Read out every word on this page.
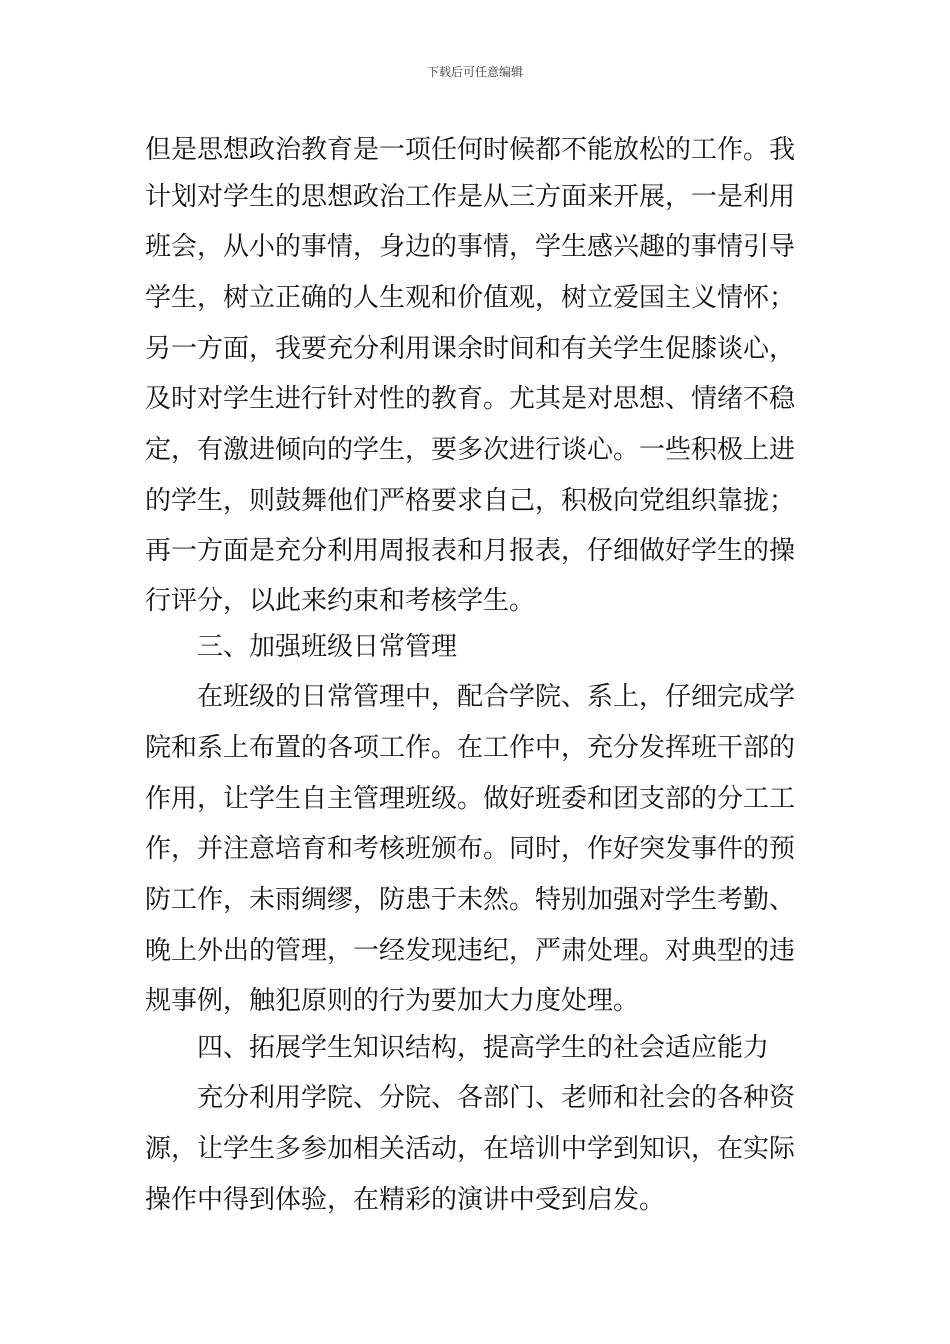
下载后可任意编辑
但是思想政治教育是一项任何时候都不能放松的工作。我
计划对学生的思想政治工作是从三方面来开展，一是利用
班会，从小的事情，身边的事情，学生感兴趣的事情引导
学生，树立正确的人生观和价值观，树立爱国主义情怀；
另一方面，我要充分利用课余时间和有关学生促膝谈心，
及时对学生进行针对性的教育。尤其是对思想、情绪不稳
定，有激进倾向的学生，要多次进行谈心。一些积极上进
的学生，则鼓舞他们严格要求自己，积极向党组织靠拢；
再一方面是充分利用周报表和月报表，仔细做好学生的操
行评分，以此来约束和考核学生。
三、加强班级日常管理
在班级的日常管理中，配合学院、系上，仔细完成学
院和系上布置的各项工作。在工作中，充分发挥班干部的
作用，让学生自主管理班级。做好班委和团支部的分工工
作，并注意培育和考核班颁布。同时，作好突发事件的预
防工作，未雨绸缪，防患于未然。特别加强对学生考勤、
晚上外出的管理，一经发现违纪，严肃处理。对典型的违
规事例，触犯原则的行为要加大力度处理。
四、拓展学生知识结构，提高学生的社会适应能力
充分利用学院、分院、各部门、老师和社会的各种资
源，让学生多参加相关活动，在培训中学到知识，在实际
操作中得到体验，在精彩的演讲中受到启发。
